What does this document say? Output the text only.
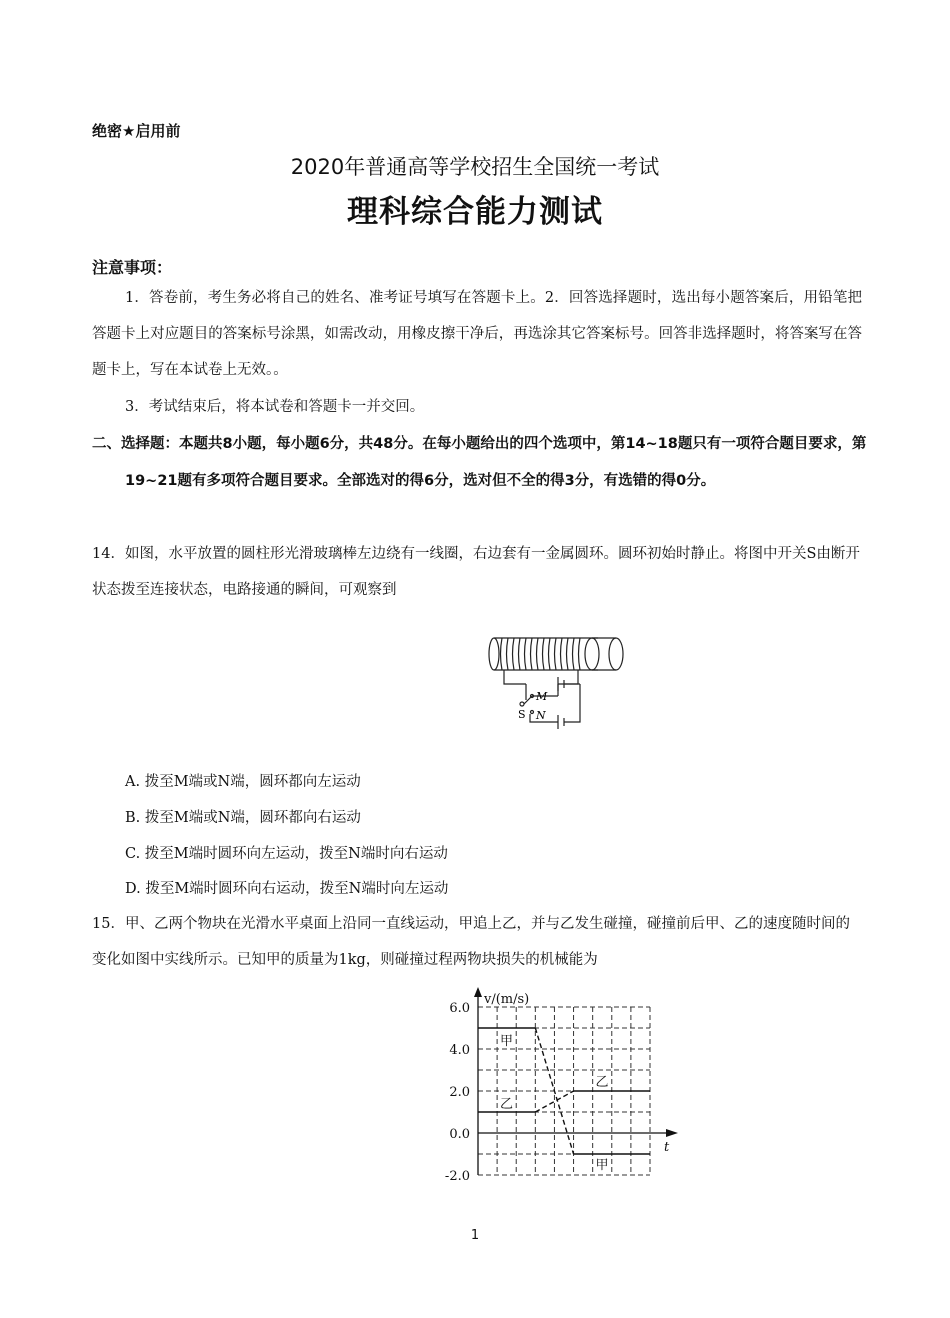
绝密★启用前
2020年普通高等学校招生全国统一考试
理科综合能力测试
注意事项：
1．答卷前，考生务必将自己的姓名、准考证号填写在答题卡上。2．回答选择题时，选出每小题答案后，用铅笔把答题卡上对应题目的答案标号涂黑，如需改动，用橡皮擦干净后，再选涂其它答案标号。回答非选择题时，将答案写在答题卡上，写在本试卷上无效。。
3．考试结束后，将本试卷和答题卡一并交回。
二、选择题：本题共8小题，每小题6分，共48分。在每小题给出的四个选项中，第14~18题只有一项符合题目要求，第19~21题有多项符合题目要求。全部选对的得6分，选对但不全的得3分，有选错的得0分。
14．如图，水平放置的圆柱形光滑玻璃棒左边绕有一线圈，右边套有一金属圆环。圆环初始时静止。将图中开关S由断开状态拨至连接状态，电路接通的瞬间，可观察到
M
S N
A. 拨至M端或N端，圆环都向左运动
B. 拨至M端或N端，圆环都向右运动
C. 拨至M端时圆环向左运动，拨至N端时向右运动
D. 拨至M端时圆环向右运动，拨至N端时向左运动
15．甲、乙两个物块在光滑水平桌面上沿同一直线运动，甲追上乙，并与乙发生碰撞，碰撞前后甲、乙的速度随时间的变化如图中实线所示。已知甲的质量为1kg，则碰撞过程两物块损失的机械能为
6.0
4.0
2.0
0.0
-2.0
v/(m/s)
t
甲
甲
乙
乙
1
